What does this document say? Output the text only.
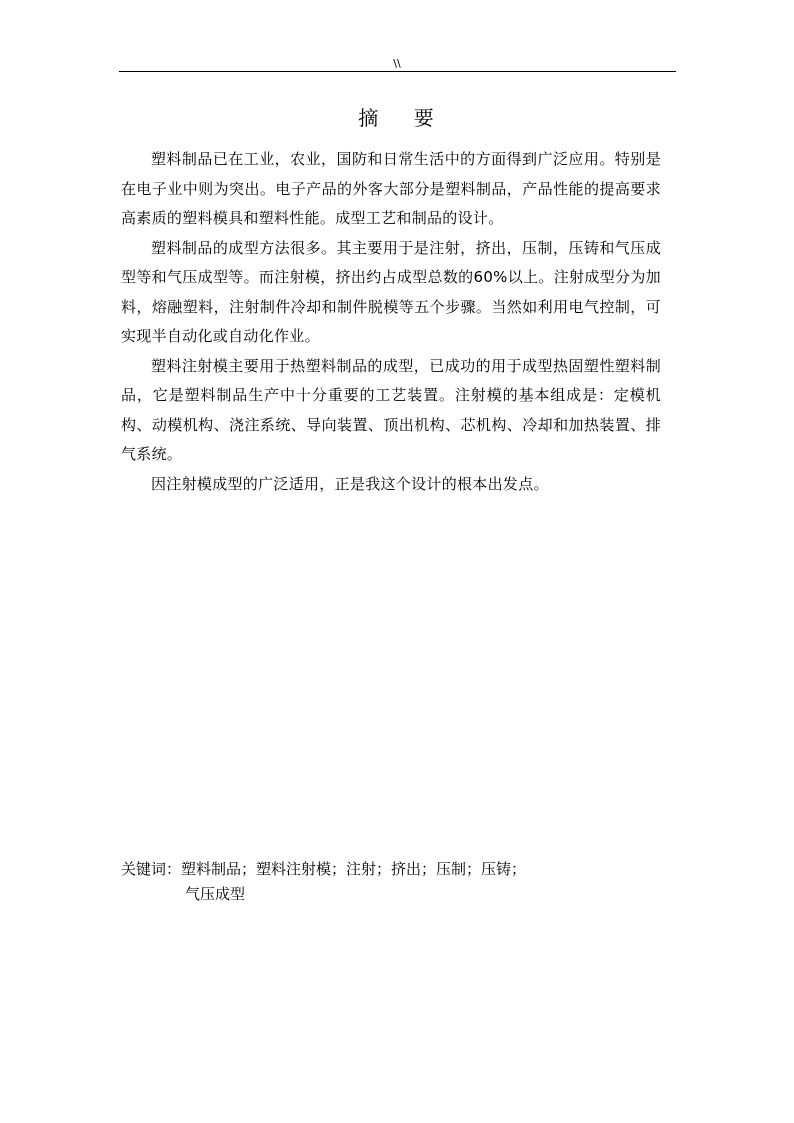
\\
摘    要

塑料制品已在工业，农业，国防和日常生活中的方面得到广泛应用。特别是在电子业中则为突出。电子产品的外客大部分是塑料制品，产品性能的提高要求高素质的塑料模具和塑料性能。成型工艺和制品的设计。

塑料制品的成型方法很多。其主要用于是注射，挤出，压制，压铸和气压成型等和气压成型等。而注射模，挤出约占成型总数的60%以上。注射成型分为加料，熔融塑料，注射制件冷却和制件脱模等五个步骤。当然如利用电气控制，可实现半自动化或自动化作业。

塑料注射模主要用于热塑料制品的成型，已成功的用于成型热固塑性塑料制品，它是塑料制品生产中十分重要的工艺装置。注射模的基本组成是：定模机构、动模机构、浇注系统、导向装置、顶出机构、芯机构、冷却和加热装置、排气系统。

因注射模成型的广泛适用，正是我这个设计的根本出发点。

关键词：塑料制品；塑料注射模；注射；挤出；压制；压铸；
气压成型
